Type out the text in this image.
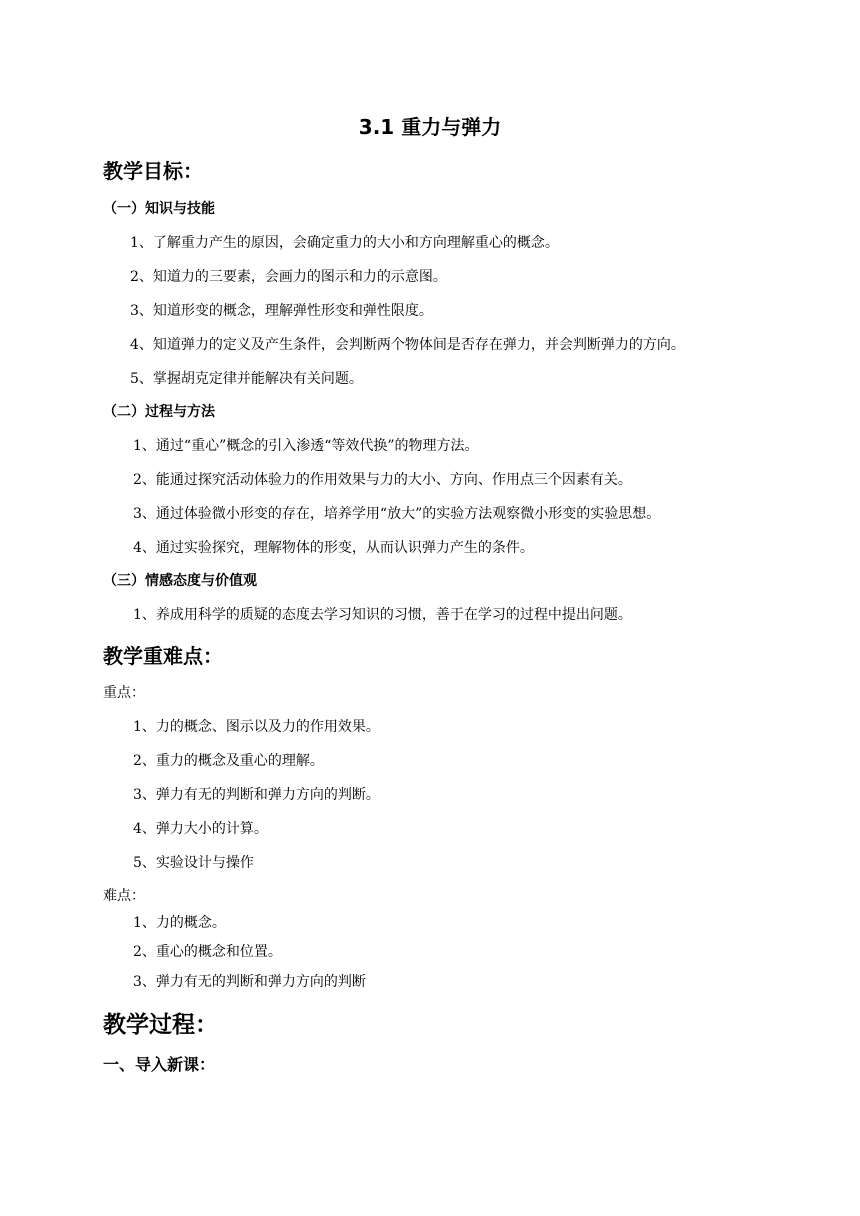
3.1 重力与弹力
教学目标：
（一）知识与技能
1、了解重力产生的原因，会确定重力的大小和方向理解重心的概念。
2、知道力的三要素，会画力的图示和力的示意图。
3、知道形变的概念，理解弹性形变和弹性限度。
4、知道弹力的定义及产生条件，会判断两个物体间是否存在弹力，并会判断弹力的方向。
5、掌握胡克定律并能解决有关问题。
（二）过程与方法
1、通过“重心”概念的引入渗透“等效代换”的物理方法。
2、能通过探究活动体验力的作用效果与力的大小、方向、作用点三个因素有关。
3、通过体验微小形变的存在，培养学用“放大”的实验方法观察微小形变的实验思想。
4、通过实验探究，理解物体的形变，从而认识弹力产生的条件。
（三）情感态度与价值观
1、养成用科学的质疑的态度去学习知识的习惯，善于在学习的过程中提出问题。
教学重难点：
重点：
1、力的概念、图示以及力的作用效果。
2、重力的概念及重心的理解。
3、弹力有无的判断和弹力方向的判断。
4、弹力大小的计算。
5、实验设计与操作
难点：
1、力的概念。
2、重心的概念和位置。
3、弹力有无的判断和弹力方向的判断
教学过程：
一、导入新课：
